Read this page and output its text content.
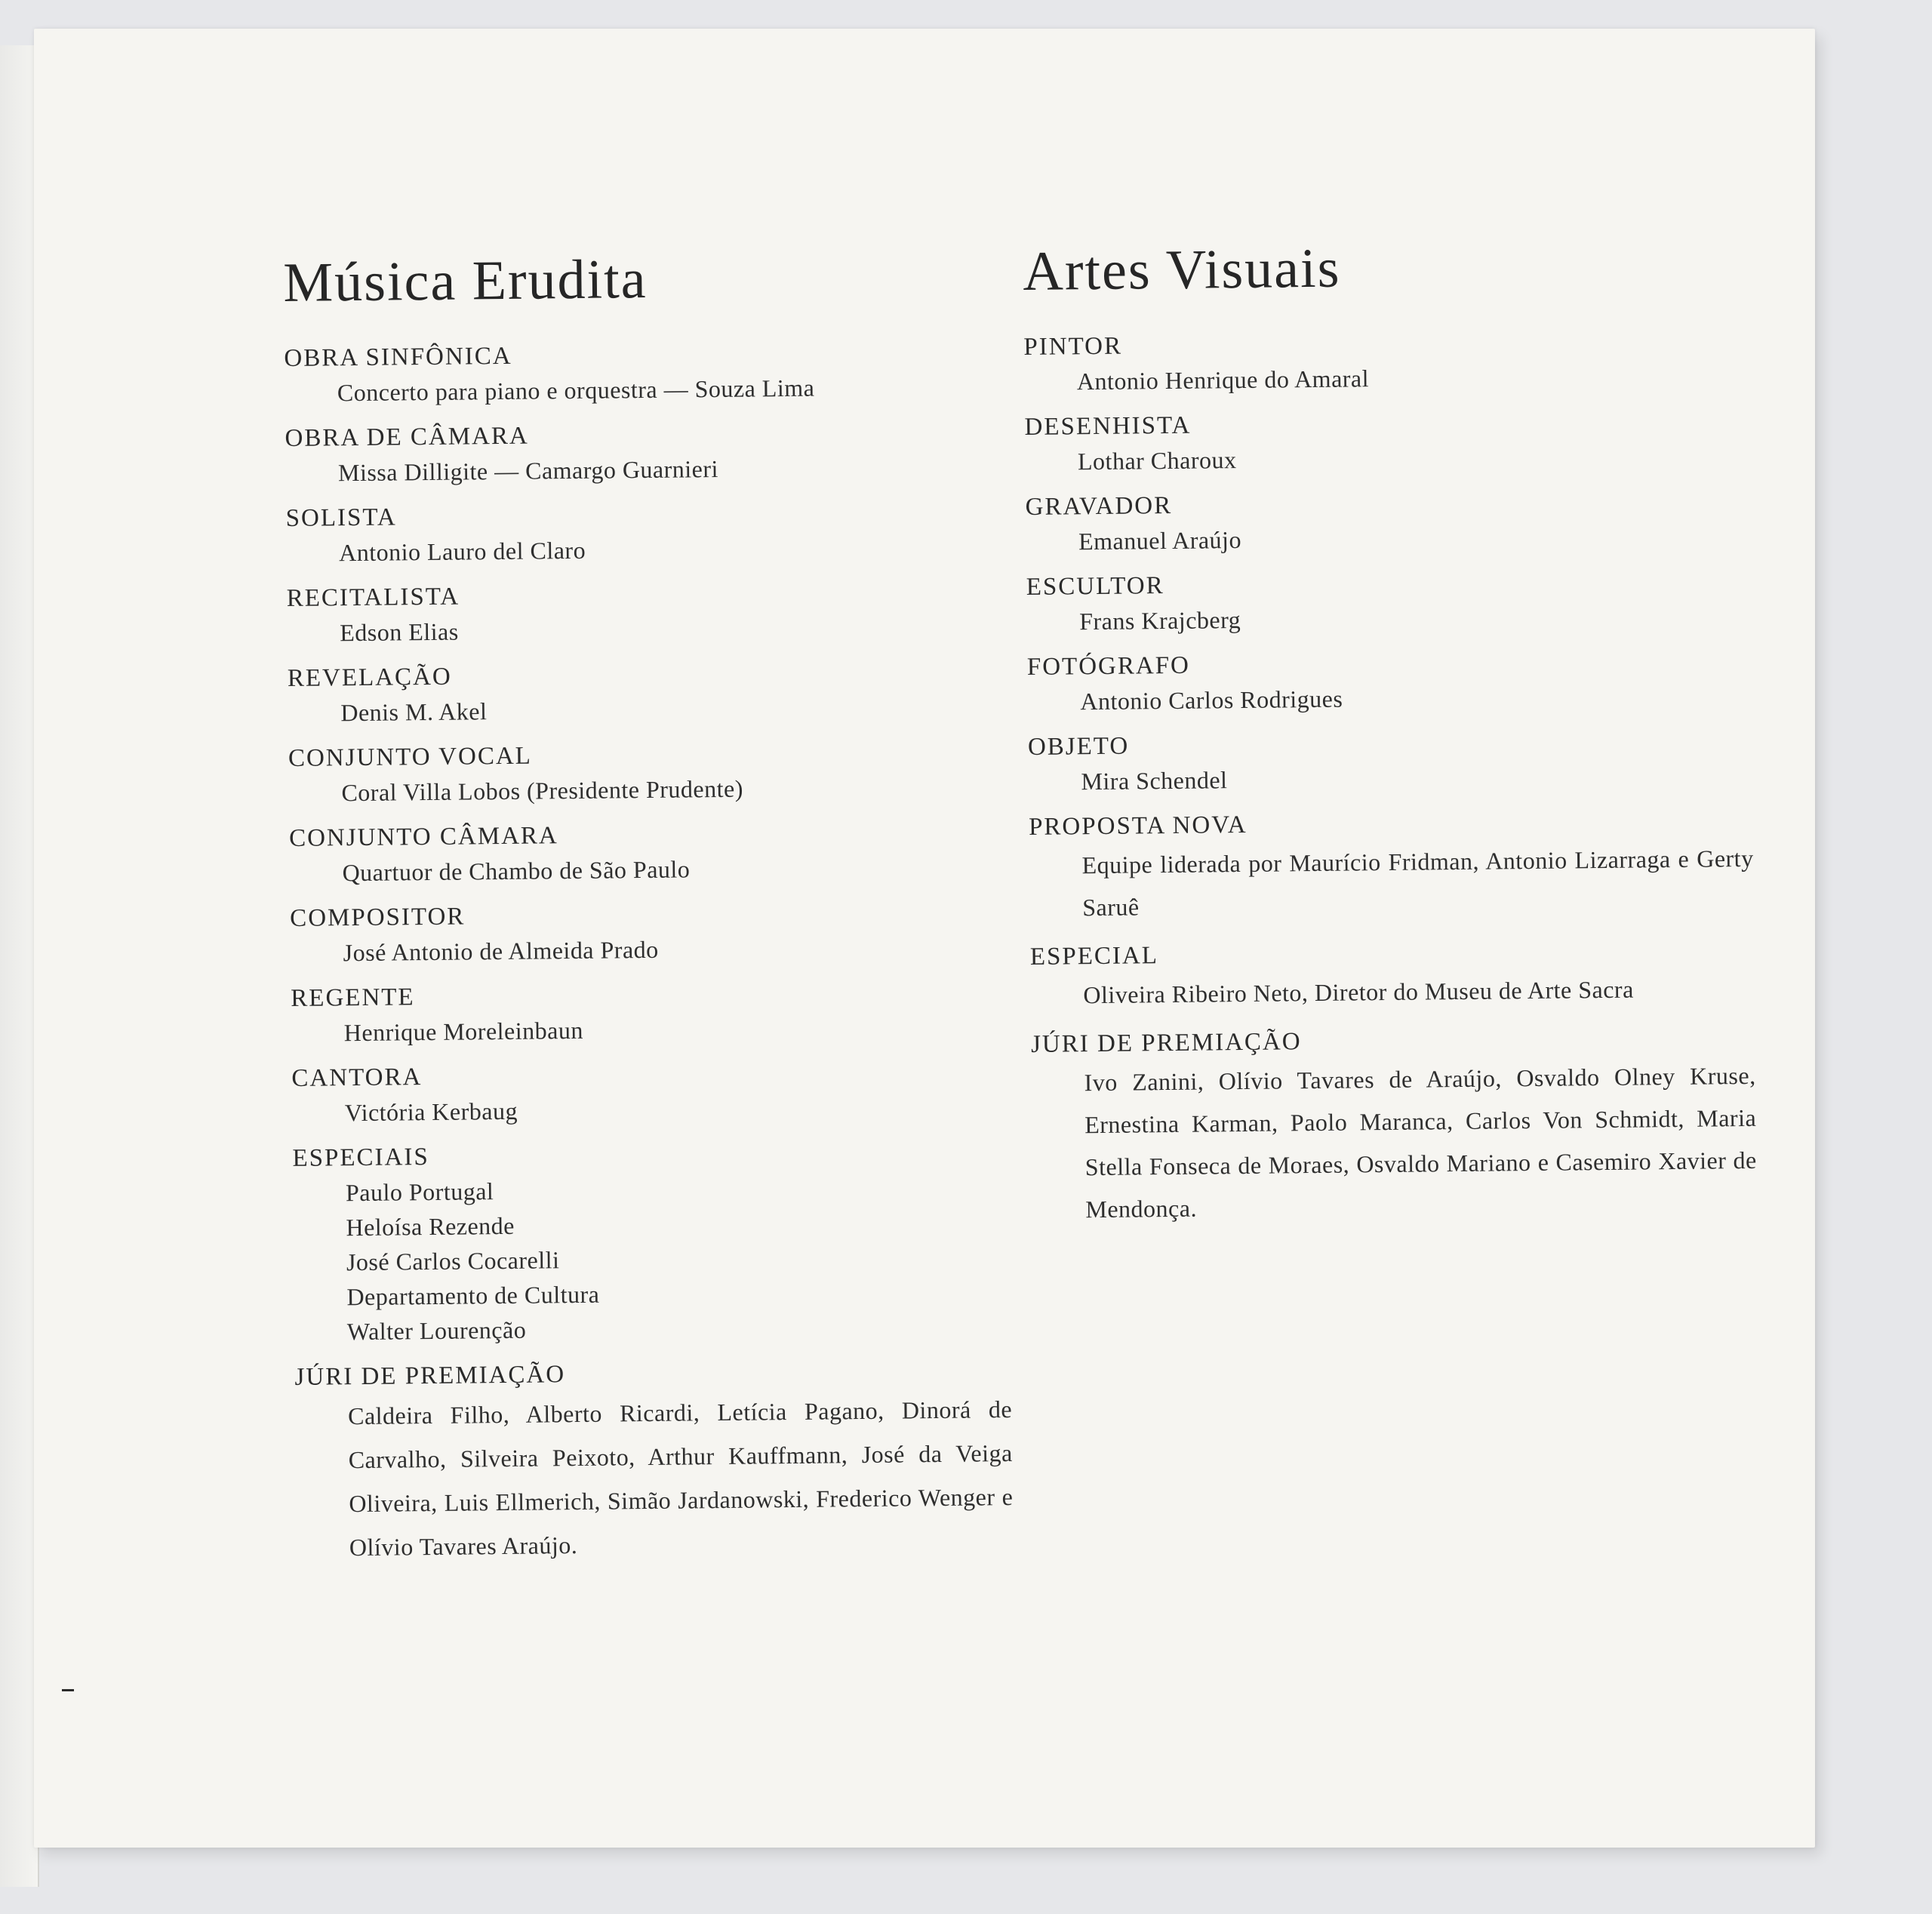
Música Erudita
OBRA SINFÔNICA
Concerto para piano e orquestra — Souza Lima
OBRA DE CÂMARA
Missa Dilligite — Camargo Guarnieri
SOLISTA
Antonio Lauro del Claro
RECITALISTA
Edson Elias
REVELAÇÃO
Denis M. Akel
CONJUNTO VOCAL
Coral Villa Lobos (Presidente Prudente)
CONJUNTO CÂMARA
Quartuor de Chambo de São Paulo
COMPOSITOR
José Antonio de Almeida Prado
REGENTE
Henrique Moreleinbaun
CANTORA
Victória Kerbaug
ESPECIAIS
Paulo Portugal
Heloísa Rezende
José Carlos Cocarelli
Departamento de Cultura
Walter Lourenção
JÚRI DE PREMIAÇÃO
Caldeira Filho, Alberto Ricardi, Letícia Pagano, Dinorá de Carvalho, Silveira Peixoto, Arthur Kauffmann, José da Veiga Oliveira, Luis Ellmerich, Simão Jardanowski, Frederico Wenger e Olívio Tavares Araújo.
Artes Visuais
PINTOR
Antonio Henrique do Amaral
DESENHISTA
Lothar Charoux
GRAVADOR
Emanuel Araújo
ESCULTOR
Frans Krajcberg
FOTÓGRAFO
Antonio Carlos Rodrigues
OBJETO
Mira Schendel
PROPOSTA NOVA
Equipe liderada por Maurício Fridman, Antonio Lizarraga e Gerty Saruê
ESPECIAL
Oliveira Ribeiro Neto, Diretor do Museu de Arte Sacra
JÚRI DE PREMIAÇÃO
Ivo Zanini, Olívio Tavares de Araújo, Osvaldo Olney Kruse, Ernestina Karman, Paolo Maranca, Carlos Von Schmidt, Maria Stella Fonseca de Moraes, Osvaldo Mariano e Casemiro Xavier de Mendonça.
